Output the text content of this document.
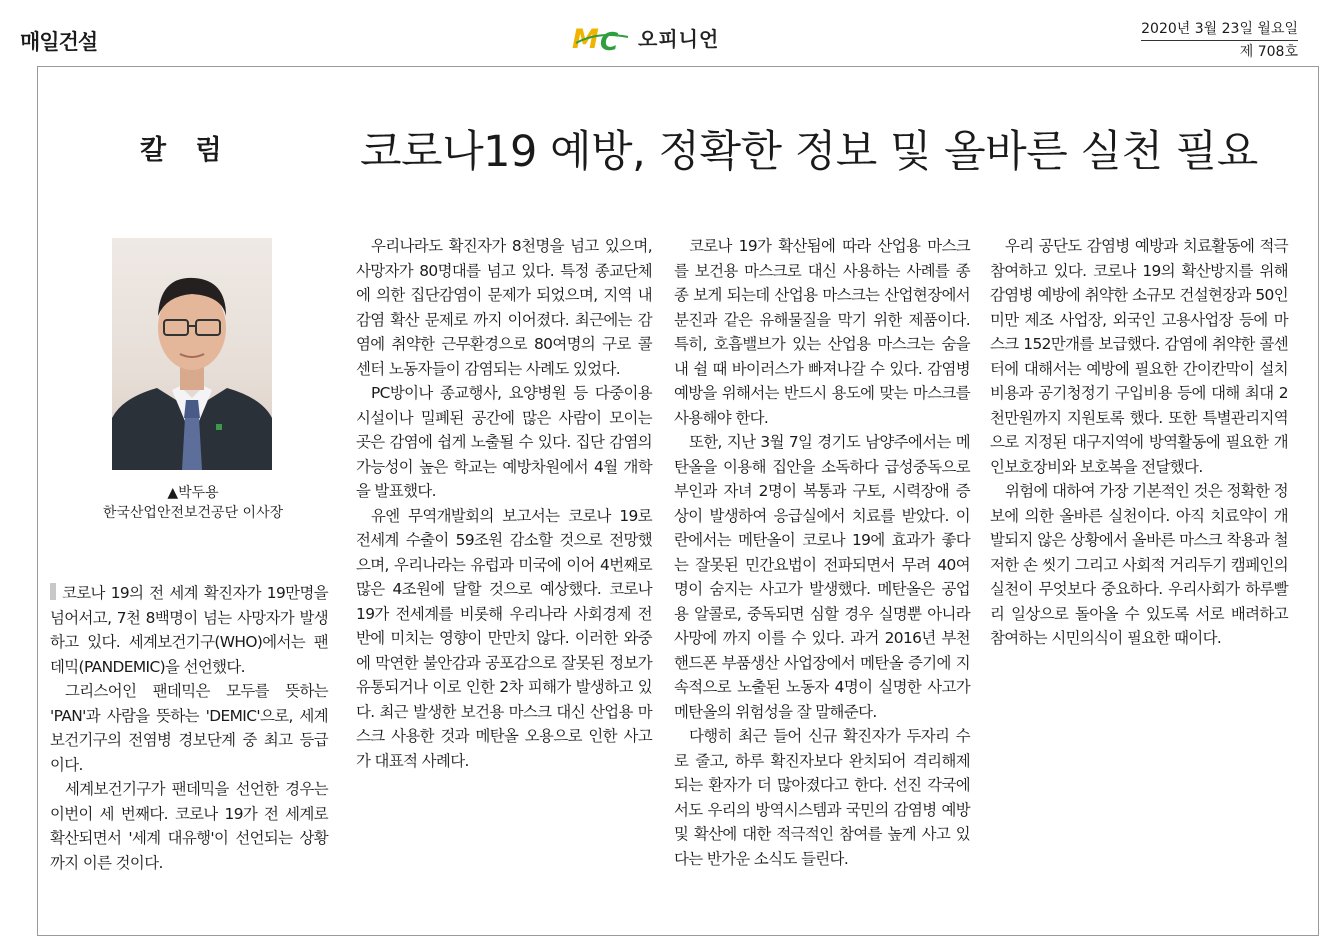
매일건설	M C 오피니언	2020년 3월 23일 월요일
제 708호
칼 럼	코로나19 예방, 정확한 정보 및 올바른 실천 필요
▲박두용
한국산업안전보건공단 이사장

코로나 19의 전 세계 확진자가 19만명을 넘어서고, 7천 8백명이 넘는 사망자가 발생하고 있다. 세계보건기구(WHO)에서는 팬데믹(PANDEMIC)을 선언했다.

그리스어인 팬데믹은 모두를 뜻하는 'PAN'과 사람을 뜻하는 'DEMIC'으로, 세계보건기구의 전염병 경보단계 중 최고 등급이다.

세계보건기구가 팬데믹을 선언한 경우는 이번이 세 번째다. 코로나 19가 전 세계로 확산되면서 '세계 대유행'이 선언되는 상황까지 이른 것이다.

우리나라도 확진자가 8천명을 넘고 있으며, 사망자가 80명대를 넘고 있다. 특정 종교단체에 의한 집단감염이 문제가 되었으며, 지역 내 감염 확산 문제로 까지 이어졌다. 최근에는 감염에 취약한 근무환경으로 80여명의 구로 콜센터 노동자들이 감염되는 사례도 있었다.

PC방이나 종교행사, 요양병원 등 다중이용시설이나 밀폐된 공간에 많은 사람이 모이는 곳은 감염에 쉽게 노출될 수 있다. 집단 감염의 가능성이 높은 학교는 예방차원에서 4월 개학을 발표했다.

유엔 무역개발회의 보고서는 코로나 19로 전세계 수출이 59조원 감소할 것으로 전망했으며, 우리나라는 유럽과 미국에 이어 4번째로 많은 4조원에 달할 것으로 예상했다. 코로나 19가 전세계를 비롯해 우리나라 사회경제 전반에 미치는 영향이 만만치 않다. 이러한 와중에 막연한 불안감과 공포감으로 잘못된 정보가 유통되거나 이로 인한 2차 피해가 발생하고 있다. 최근 발생한 보건용 마스크 대신 산업용 마스크 사용한 것과 메탄올 오용으로 인한 사고가 대표적 사례다.

코로나 19가 확산됨에 따라 산업용 마스크를 보건용 마스크로 대신 사용하는 사례를 종종 보게 되는데 산업용 마스크는 산업현장에서 분진과 같은 유해물질을 막기 위한 제품이다. 특히, 호흡밸브가 있는 산업용 마스크는 숨을 내 쉴 때 바이러스가 빠져나갈 수 있다. 감염병 예방을 위해서는 반드시 용도에 맞는 마스크를 사용해야 한다.

또한, 지난 3월 7일 경기도 남양주에서는 메탄올을 이용해 집안을 소독하다 급성중독으로 부인과 자녀 2명이 복통과 구토, 시력장애 증상이 발생하여 응급실에서 치료를 받았다. 이란에서는 메탄올이 코로나 19에 효과가 좋다는 잘못된 민간요법이 전파되면서 무려 40여명이 숨지는 사고가 발생했다. 메탄올은 공업용 알콜로, 중독되면 심할 경우 실명뿐 아니라 사망에 까지 이를 수 있다. 과거 2016년 부천 핸드폰 부품생산 사업장에서 메탄올 증기에 지속적으로 노출된 노동자 4명이 실명한 사고가 메탄올의 위험성을 잘 말해준다.

다행히 최근 들어 신규 확진자가 두자리 수로 줄고, 하루 확진자보다 완치되어 격리해제 되는 환자가 더 많아졌다고 한다. 선진 각국에서도 우리의 방역시스템과 국민의 감염병 예방 및 확산에 대한 적극적인 참여를 높게 사고 있다는 반가운 소식도 들린다.

우리 공단도 감염병 예방과 치료활동에 적극 참여하고 있다. 코로나 19의 확산방지를 위해 감염병 예방에 취약한 소규모 건설현장과 50인 미만 제조 사업장, 외국인 고용사업장 등에 마스크 152만개를 보급했다. 감염에 취약한 콜센터에 대해서는 예방에 필요한 간이칸막이 설치비용과 공기청정기 구입비용 등에 대해 최대 2천만원까지 지원토록 했다. 또한 특별관리지역으로 지정된 대구지역에 방역활동에 필요한 개인보호장비와 보호복을 전달했다.

위험에 대하여 가장 기본적인 것은 정확한 정보에 의한 올바른 실천이다. 아직 치료약이 개발되지 않은 상황에서 올바른 마스크 착용과 철저한 손 씻기 그리고 사회적 거리두기 캠페인의 실천이 무엇보다 중요하다. 우리사회가 하루빨리 일상으로 돌아올 수 있도록 서로 배려하고 참여하는 시민의식이 필요한 때이다.
